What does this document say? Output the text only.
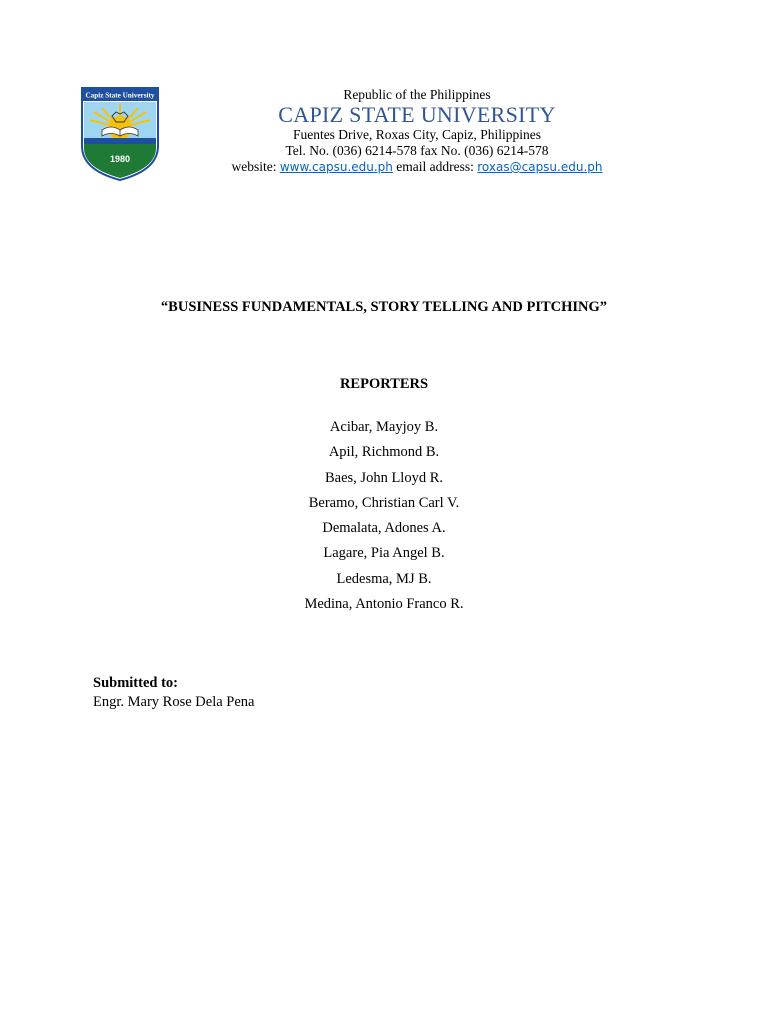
Capiz State University
1980
Republic of the Philippines
CAPIZ STATE UNIVERSITY
Fuentes Drive, Roxas City, Capiz, Philippines
Tel. No. (036) 6214-578 fax No. (036) 6214-578
website: www.capsu.edu.ph email address: roxas@capsu.edu.ph
“BUSINESS FUNDAMENTALS, STORY TELLING AND PITCHING”
REPORTERS
Acibar, Mayjoy B.
Apil, Richmond B.
Baes, John Lloyd R.
Beramo, Christian Carl V.
Demalata, Adones A.
Lagare, Pia Angel B.
Ledesma, MJ B.
Medina, Antonio Franco R.
Submitted to:
Engr. Mary Rose Dela Pena
